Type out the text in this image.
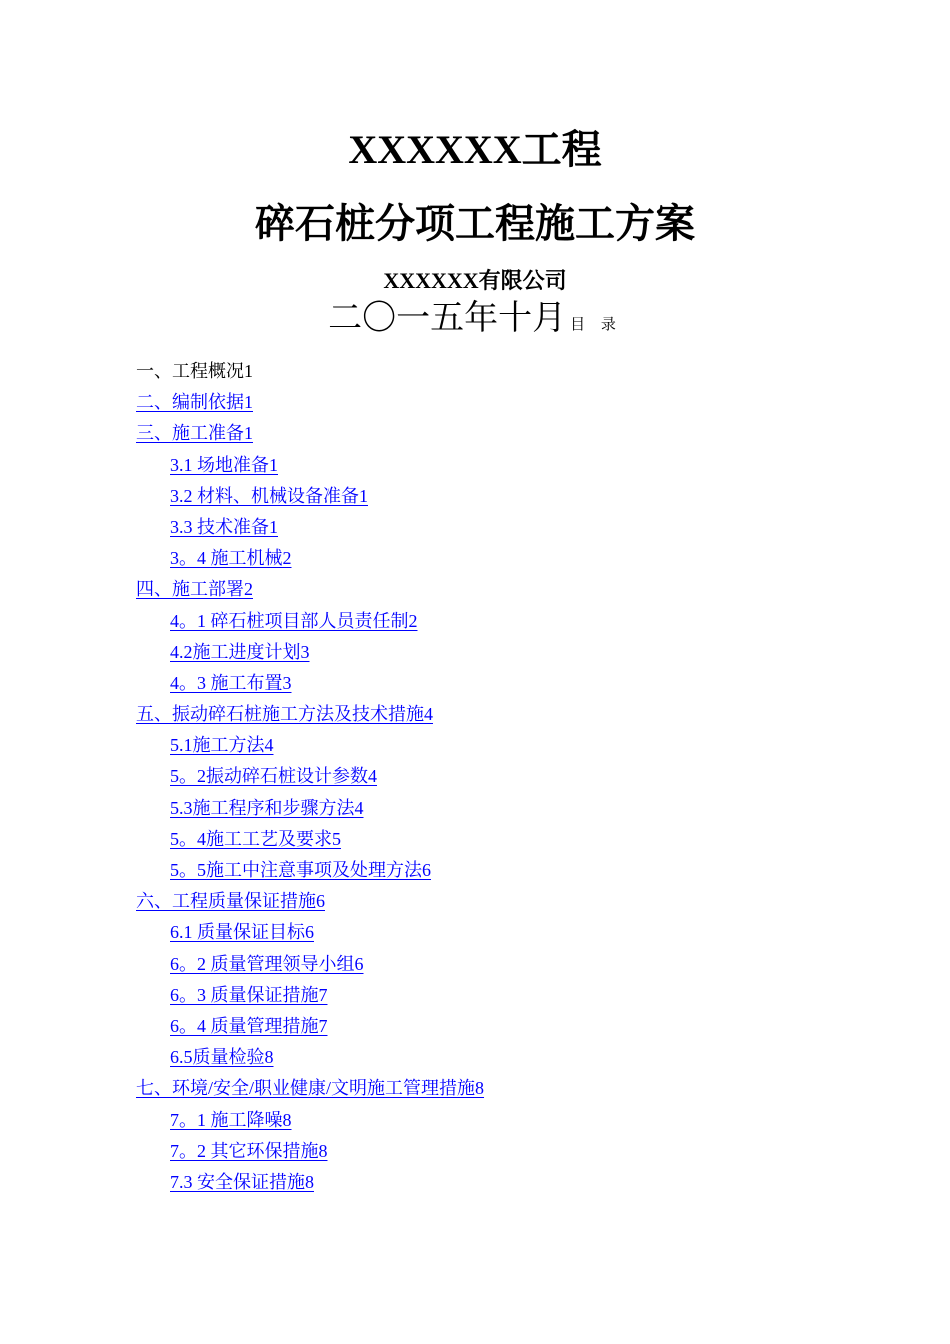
XXXXXX工程
碎石桩分项工程施工方案
XXXXXX有限公司
二〇一五年十月 目 录
一、工程概况1
二、编制依据1
三、施工准备1
3.1 场地准备1
3.2 材料、机械设备准备1
3.3 技术准备1
3。4 施工机械2
四、施工部署2
4。1 碎石桩项目部人员责任制2
4.2施工进度计划3
4。3 施工布置3
五、振动碎石桩施工方法及技术措施4
5.1施工方法4
5。2振动碎石桩设计参数4
5.3施工程序和步骤方法4
5。4施工工艺及要求5
5。5施工中注意事项及处理方法6
六、工程质量保证措施6
6.1 质量保证目标6
6。2 质量管理领导小组6
6。3 质量保证措施7
6。4 质量管理措施7
6.5质量检验8
七、环境/安全/职业健康/文明施工管理措施8
7。1 施工降噪8
7。2 其它环保措施8
7.3 安全保证措施8
